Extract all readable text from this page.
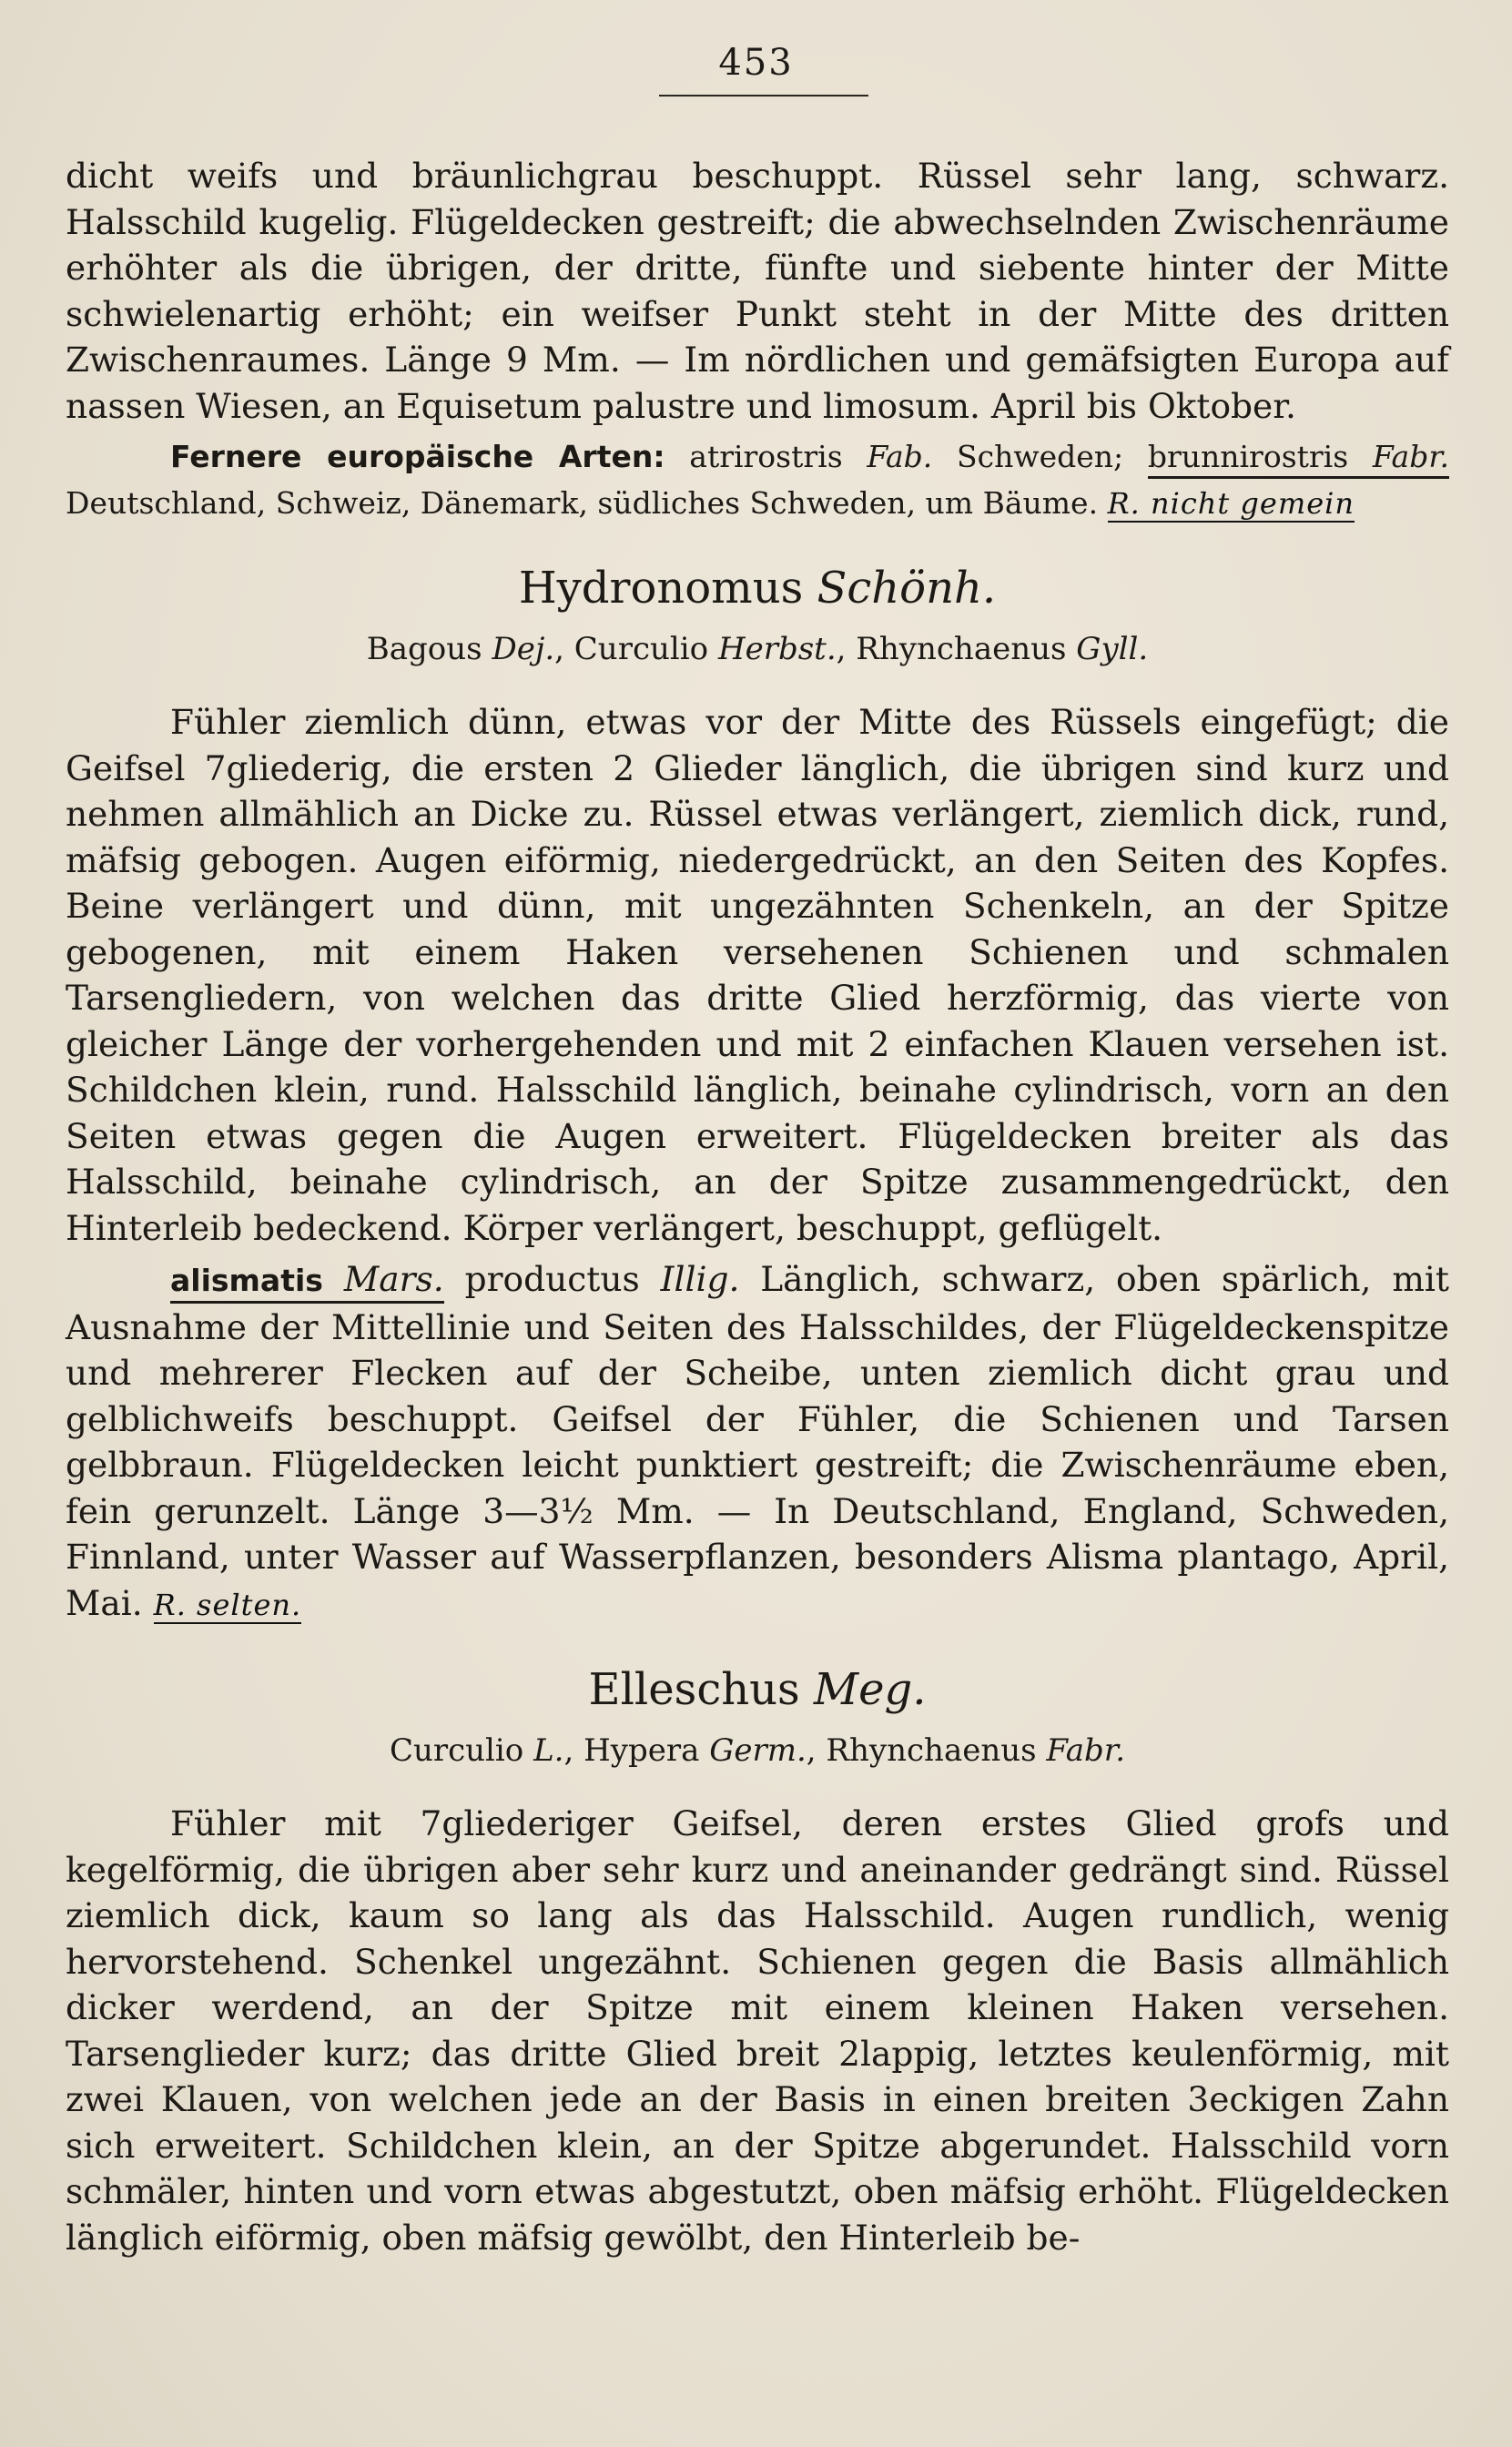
453

dicht weifs und bräunlichgrau beschuppt. Rüssel sehr lang, schwarz. Halsschild kugelig. Flügeldecken gestreift; die abwechselnden Zwischenräume erhöhter als die übrigen, der dritte, fünfte und siebente hinter der Mitte schwielenartig erhöht; ein weifser Punkt steht in der Mitte des dritten Zwischenraumes. Länge 9 Mm. — Im nördlichen und gemäfsigten Europa auf nassen Wiesen, an Equisetum palustre und limosum. April bis Oktober.

Fernere europäische Arten: atrirostris Fab. Schweden; brunnirostris Fabr. Deutschland, Schweiz, Dänemark, südliches Schweden, um Bäume. R. nicht gemein

Hydronomus Schönh.
Bagous Dej., Curculio Herbst., Rhynchaenus Gyll.

Fühler ziemlich dünn, etwas vor der Mitte des Rüssels eingefügt; die Geifsel 7gliederig, die ersten 2 Glieder länglich, die übrigen sind kurz und nehmen allmählich an Dicke zu. Rüssel etwas verlängert, ziemlich dick, rund, mäfsig gebogen. Augen eiförmig, niedergedrückt, an den Seiten des Kopfes. Beine verlängert und dünn, mit ungezähnten Schenkeln, an der Spitze gebogenen, mit einem Haken versehenen Schienen und schmalen Tarsengliedern, von welchen das dritte Glied herzförmig, das vierte von gleicher Länge der vorhergehenden und mit 2 einfachen Klauen versehen ist. Schildchen klein, rund. Halsschild länglich, beinahe cylindrisch, vorn an den Seiten etwas gegen die Augen erweitert. Flügeldecken breiter als das Halsschild, beinahe cylindrisch, an der Spitze zusammengedrückt, den Hinterleib bedeckend. Körper verlängert, beschuppt, geflügelt.

alismatis Mars. productus Illig. Länglich, schwarz, oben spärlich, mit Ausnahme der Mittellinie und Seiten des Halsschildes, der Flügeldeckenspitze und mehrerer Flecken auf der Scheibe, unten ziemlich dicht grau und gelblichweifs beschuppt. Geifsel der Fühler, die Schienen und Tarsen gelbbraun. Flügeldecken leicht punktiert gestreift; die Zwischenräume eben, fein gerunzelt. Länge 3—3½ Mm. — In Deutschland, England, Schweden, Finnland, unter Wasser auf Wasserpflanzen, besonders Alisma plantago, April, Mai. R. selten.

Elleschus Meg.
Curculio L., Hypera Germ., Rhynchaenus Fabr.

Fühler mit 7gliederiger Geifsel, deren erstes Glied grofs und kegelförmig, die übrigen aber sehr kurz und aneinander gedrängt sind. Rüssel ziemlich dick, kaum so lang als das Halsschild. Augen rundlich, wenig hervorstehend. Schenkel ungezähnt. Schienen gegen die Basis allmählich dicker werdend, an der Spitze mit einem kleinen Haken versehen. Tarsenglieder kurz; das dritte Glied breit 2lappig, letztes keulenförmig, mit zwei Klauen, von welchen jede an der Basis in einen breiten 3eckigen Zahn sich erweitert. Schildchen klein, an der Spitze abgerundet. Halsschild vorn schmäler, hinten und vorn etwas abgestutzt, oben mäfsig erhöht. Flügeldecken länglich eiförmig, oben mäfsig gewölbt, den Hinterleib be-
